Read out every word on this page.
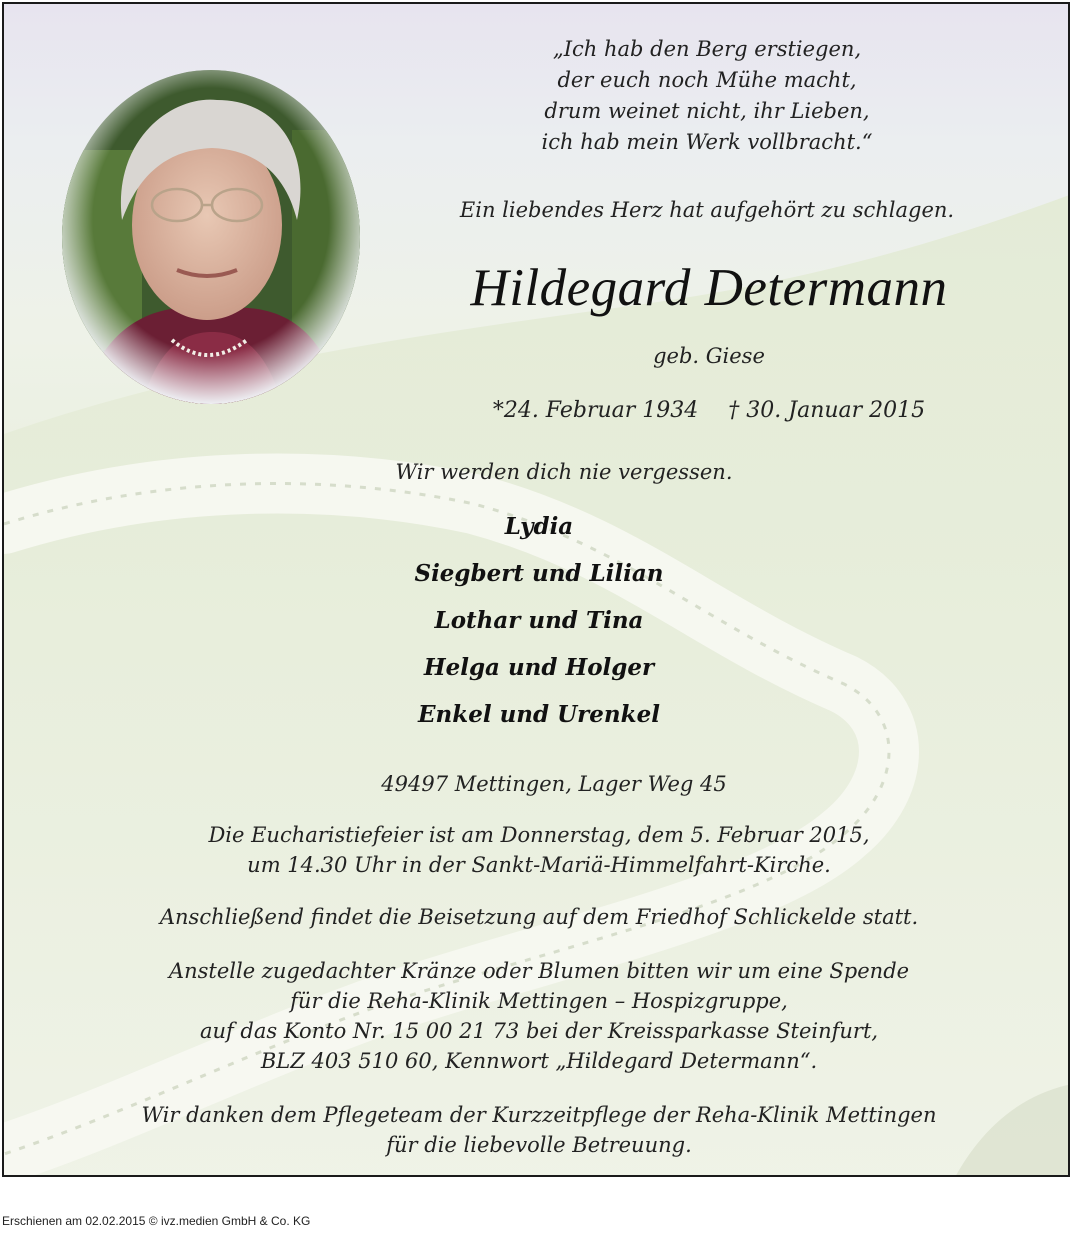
„Ich hab den Berg erstiegen,
der euch noch Mühe macht,
drum weinet nicht, ihr Lieben,
ich hab mein Werk vollbracht.“
Ein liebendes Herz hat aufgehört zu schlagen.
Hildegard Determann
geb. Giese
*24. Februar 1934 † 30. Januar 2015
Wir werden dich nie vergessen.
Lydia
Siegbert und Lilian
Lothar und Tina
Helga und Holger
Enkel und Urenkel
49497 Mettingen, Lager Weg 45
Die Eucharistiefeier ist am Donnerstag, dem 5. Februar 2015,
um 14.30 Uhr in der Sankt-Mariä-Himmelfahrt-Kirche.
Anschließend findet die Beisetzung auf dem Friedhof Schlickelde statt.
Anstelle zugedachter Kränze oder Blumen bitten wir um eine Spende
für die Reha-Klinik Mettingen – Hospizgruppe,
auf das Konto Nr. 15 00 21 73 bei der Kreissparkasse Steinfurt,
BLZ 403 510 60, Kennwort „Hildegard Determann“.
Wir danken dem Pflegeteam der Kurzzeitpflege der Reha-Klinik Mettingen
für die liebevolle Betreuung.
Erschienen am 02.02.2015 © ivz.medien GmbH & Co. KG
